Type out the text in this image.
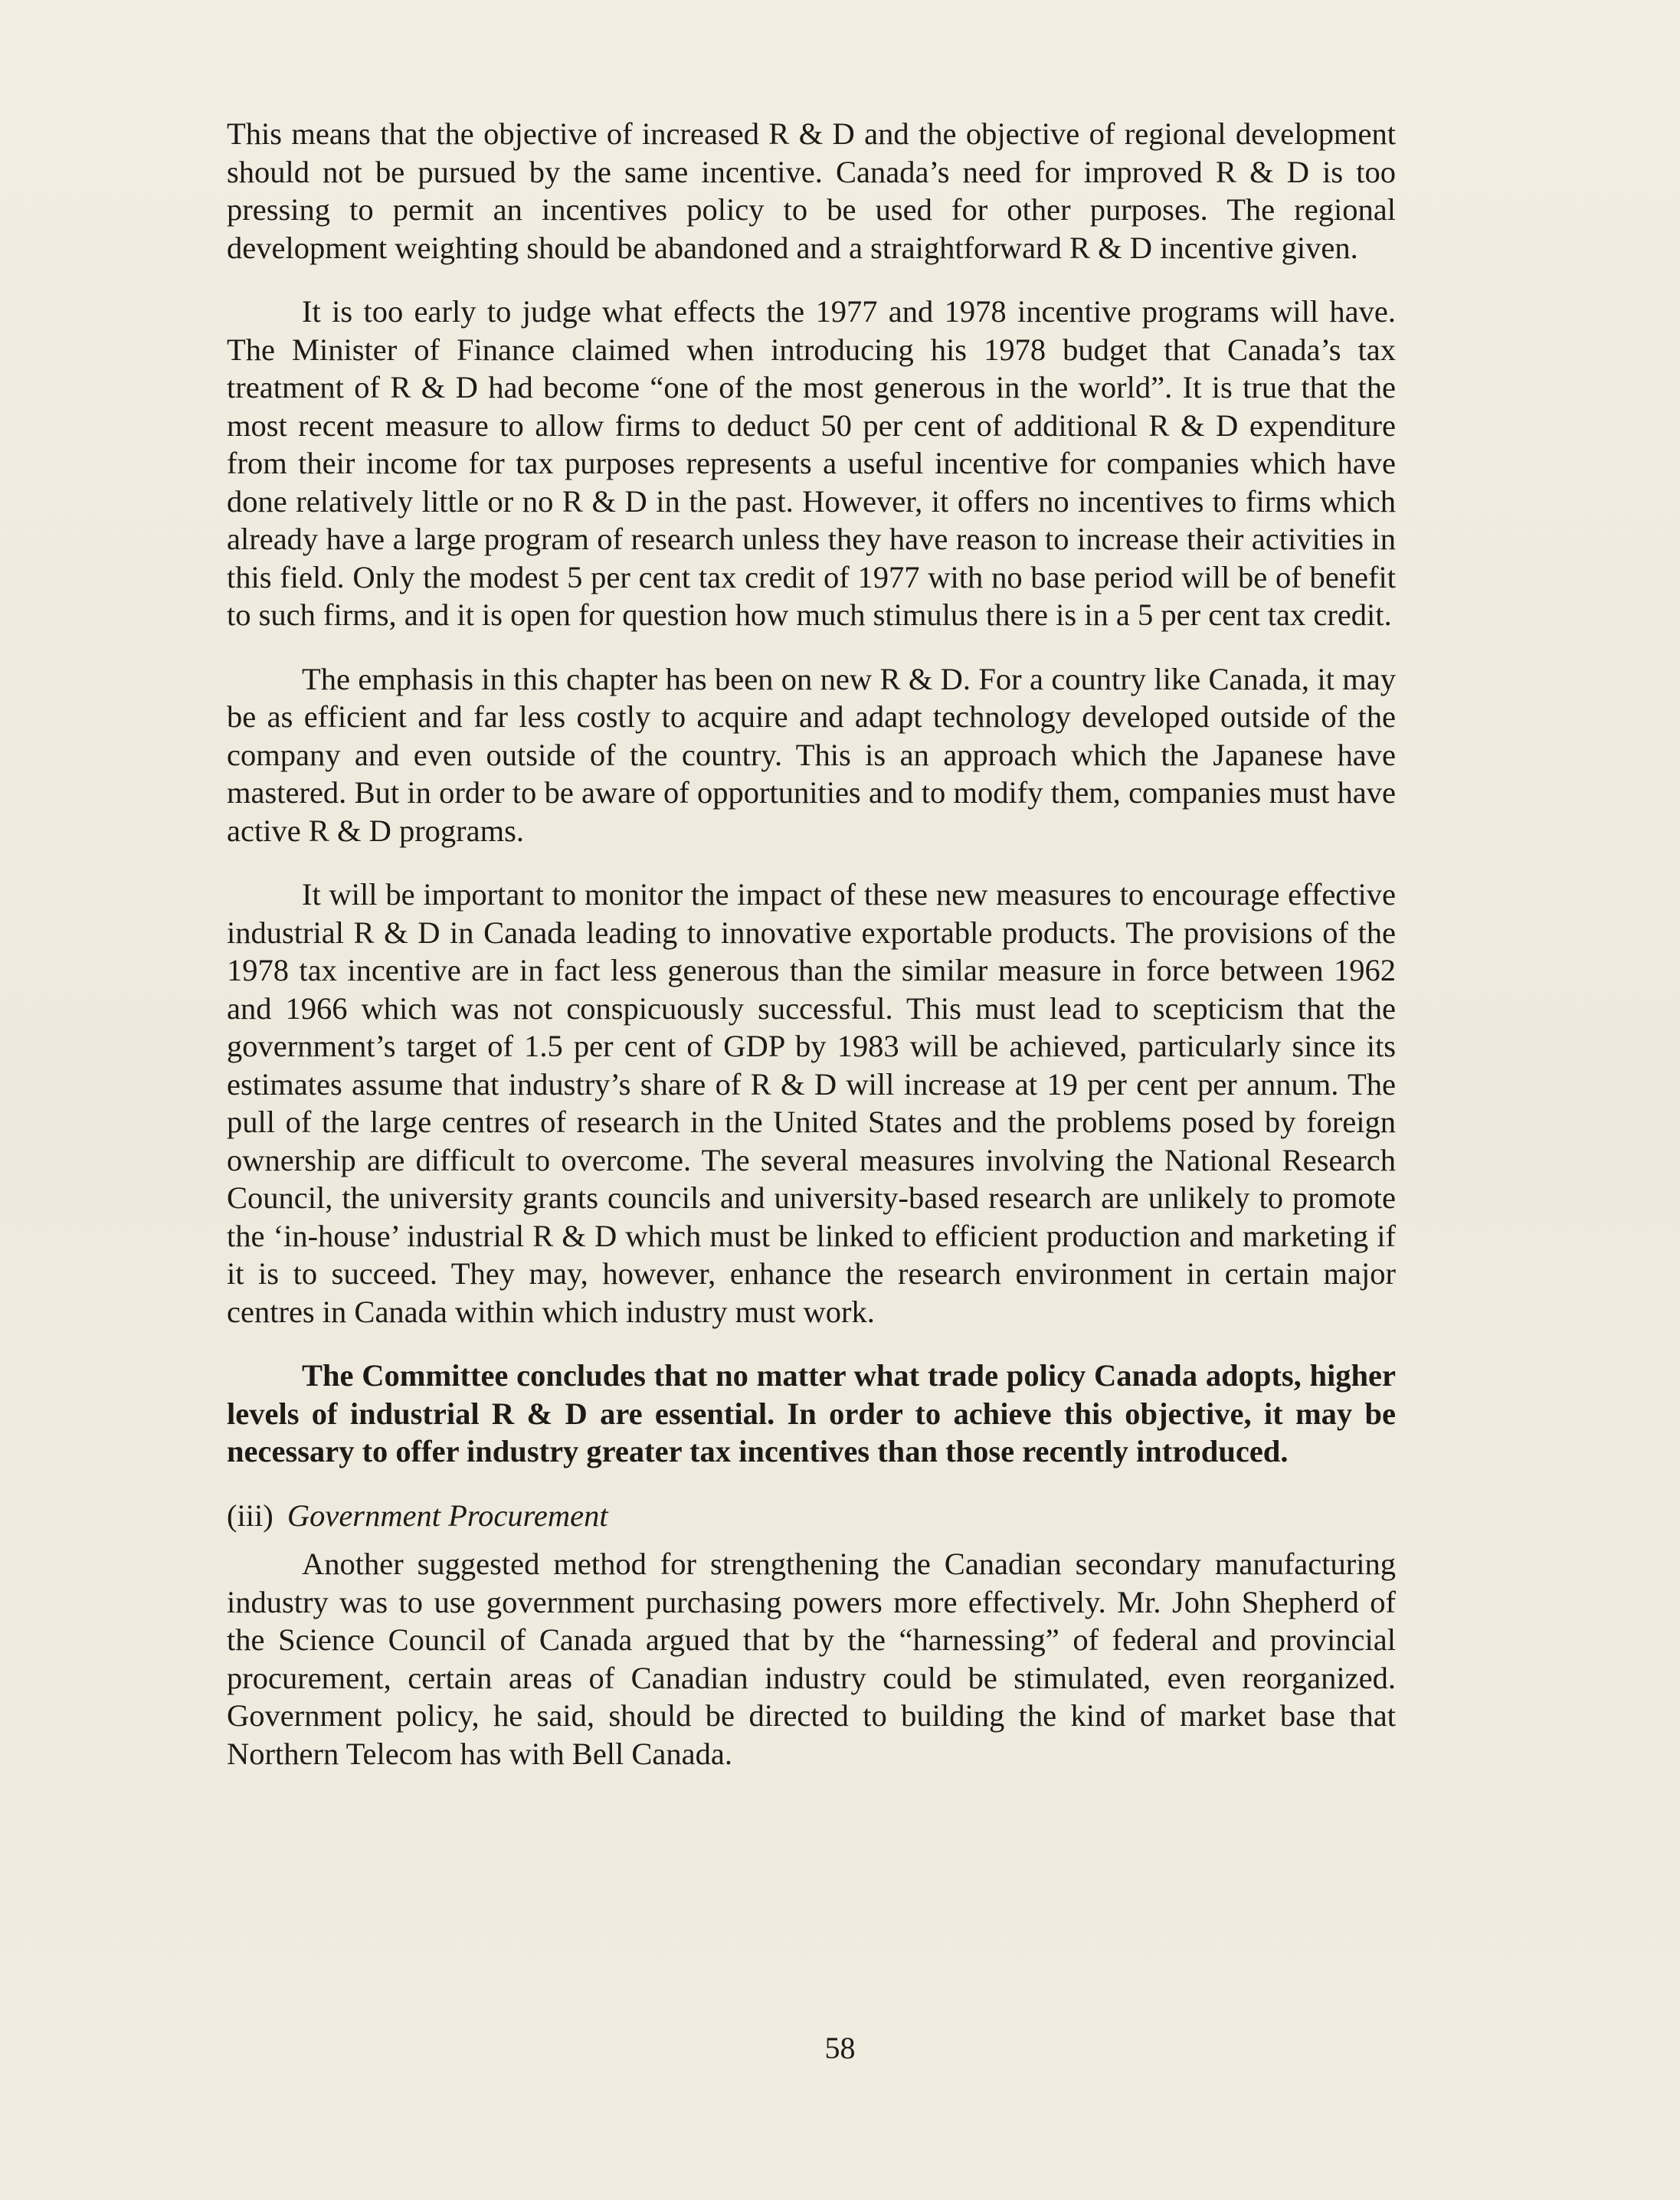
This means that the objective of increased R & D and the objective of regional development should not be pursued by the same incentive. Canada’s need for improved R & D is too pressing to permit an incentives policy to be used for other purposes. The regional development weighting should be abandoned and a straightforward R & D incentive given.

It is too early to judge what effects the 1977 and 1978 incentive programs will have. The Minister of Finance claimed when introducing his 1978 budget that Canada’s tax treatment of R & D had become “one of the most generous in the world”. It is true that the most recent measure to allow firms to deduct 50 per cent of additional R & D expenditure from their income for tax purposes represents a useful incentive for companies which have done relatively little or no R & D in the past. However, it offers no incentives to firms which already have a large program of research unless they have reason to increase their activities in this field. Only the modest 5 per cent tax credit of 1977 with no base period will be of benefit to such firms, and it is open for question how much stimulus there is in a 5 per cent tax credit.

The emphasis in this chapter has been on new R & D. For a country like Canada, it may be as efficient and far less costly to acquire and adapt technology developed outside of the company and even outside of the country. This is an approach which the Japanese have mastered. But in order to be aware of opportunities and to modify them, companies must have active R & D programs.

It will be important to monitor the impact of these new measures to encourage effective industrial R & D in Canada leading to innovative exportable products. The provisions of the 1978 tax incentive are in fact less generous than the similar measure in force between 1962 and 1966 which was not conspicuously successful. This must lead to scepticism that the government’s target of 1.5 per cent of GDP by 1983 will be achieved, particularly since its estimates assume that industry’s share of R & D will increase at 19 per cent per annum. The pull of the large centres of research in the United States and the problems posed by foreign ownership are difficult to overcome. The several measures involving the National Research Council, the university grants councils and university-based research are unlikely to promote the ‘in-house’ industrial R & D which must be linked to efficient production and marketing if it is to succeed. They may, however, enhance the research environment in certain major centres in Canada within which industry must work.

The Committee concludes that no matter what trade policy Canada adopts, higher levels of industrial R & D are essential. In order to achieve this objective, it may be necessary to offer industry greater tax incentives than those recently introduced.

(iii) Government Procurement

Another suggested method for strengthening the Canadian secondary manufacturing industry was to use government purchasing powers more effectively. Mr. John Shepherd of the Science Council of Canada argued that by the “harnessing” of federal and provincial procurement, certain areas of Canadian industry could be stimulated, even reorganized. Government policy, he said, should be directed to building the kind of market base that Northern Telecom has with Bell Canada.

58
